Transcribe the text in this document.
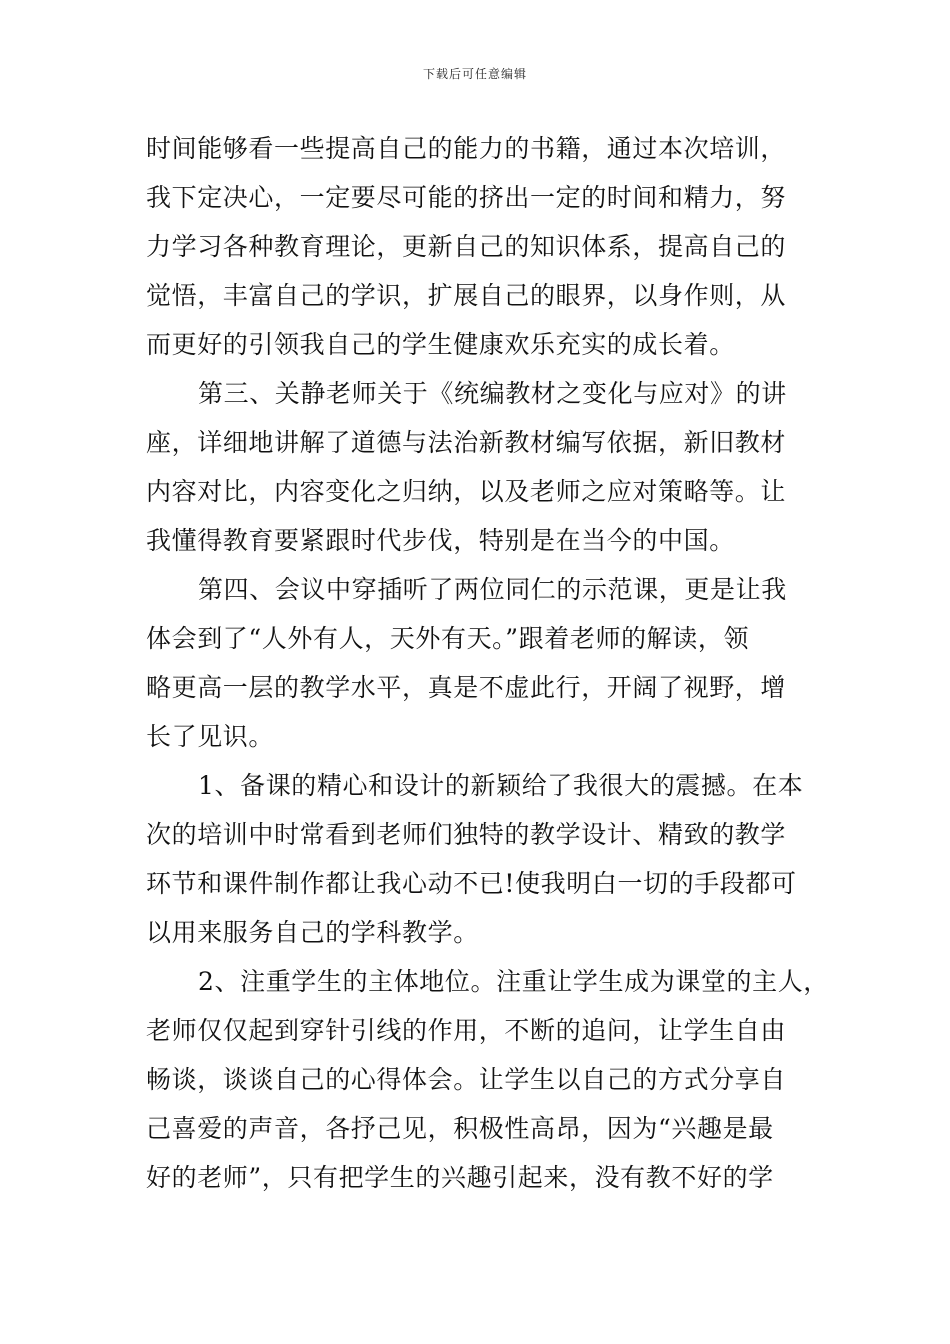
下载后可任意编辑
时间能够看一些提高自己的能力的书籍，通过本次培训，
我下定决心，一定要尽可能的挤出一定的时间和精力，努
力学习各种教育理论，更新自己的知识体系，提高自己的
觉悟，丰富自己的学识，扩展自己的眼界，以身作则，从
而更好的引领我自己的学生健康欢乐充实的成长着。
第三、关静老师关于《统编教材之变化与应对》的讲
座，详细地讲解了道德与法治新教材编写依据，新旧教材
内容对比，内容变化之归纳，以及老师之应对策略等。让
我懂得教育要紧跟时代步伐，特别是在当今的中国。
第四、会议中穿插听了两位同仁的示范课，更是让我
体会到了“人外有人，天外有天。”跟着老师的解读，领
略更高一层的教学水平，真是不虚此行，开阔了视野，增
长了见识。
1、备课的精心和设计的新颖给了我很大的震撼。在本
次的培训中时常看到老师们独特的教学设计、精致的教学
环节和课件制作都让我心动不已!使我明白一切的手段都可
以用来服务自己的学科教学。
2、注重学生的主体地位。注重让学生成为课堂的主人，
老师仅仅起到穿针引线的作用，不断的追问，让学生自由
畅谈，谈谈自己的心得体会。让学生以自己的方式分享自
己喜爱的声音，各抒己见，积极性高昂，因为“兴趣是最
好的老师”，只有把学生的兴趣引起来，没有教不好的学
